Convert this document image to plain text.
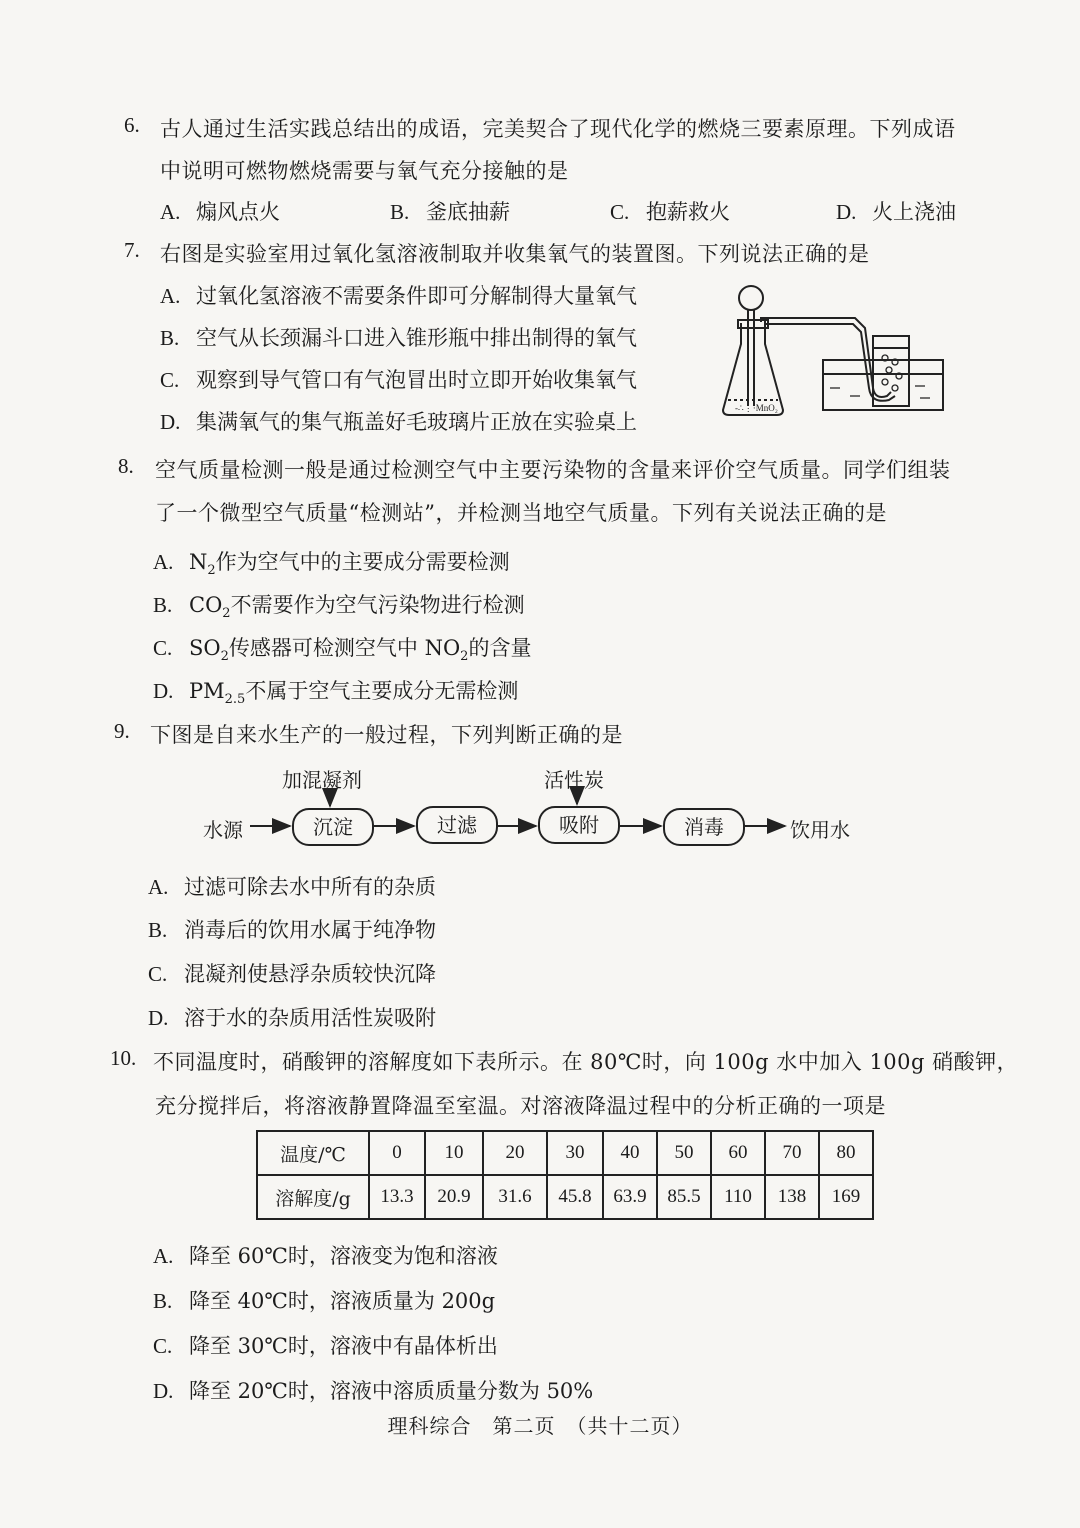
6. 古人通过生活实践总结出的成语，完美契合了现代化学的燃烧三要素原理。下列成语
中说明可燃物燃烧需要与氧气充分接触的是
A. 煽风点火	B. 釜底抽薪	C. 抱薪救火	D. 火上浇油
7. 右图是实验室用过氧化氢溶液制取并收集氧气的装置图。下列说法正确的是
A. 过氧化氢溶液不需要条件即可分解制得大量氧气
B. 空气从长颈漏斗口进入锥形瓶中排出制得的氧气
C. 观察到导气管口有气泡冒出时立即开始收集氧气
D. 集满氧气的集气瓶盖好毛玻璃片正放在实验桌上
-∴⋮·MnO₂
8. 空气质量检测一般是通过检测空气中主要污染物的含量来评价空气质量。同学们组装
了一个微型空气质量“检测站”，并检测当地空气质量。下列有关说法正确的是
A. $N_2$作为空气中的主要成分需要检测
B. $CO_2$不需要作为空气污染物进行检测
C. $SO_2$传感器可检测空气中 $NO_2$的含量
D. $PM_{2.5}$不属于空气主要成分无需检测
9. 下图是自来水生产的一般过程，下列判断正确的是
加混凝剂	活性炭
水源	沉淀	过滤	吸附	消毒	饮用水
A. 过滤可除去水中所有的杂质
B. 消毒后的饮用水属于纯净物
C. 混凝剂使悬浮杂质较快沉降
D. 溶于水的杂质用活性炭吸附
10. 不同温度时，硝酸钾的溶解度如下表所示。在 80℃时，向 100g 水中加入 100g 硝酸钾，
充分搅拌后，将溶液静置降温至室温。对溶液降温过程中的分析正确的一项是
温度/℃	0	10	20	30	40	50	60	70	80
溶解度/g	13.3	20.9	31.6	45.8	63.9	85.5	110	138	169
A. 降至 60℃时，溶液变为饱和溶液
B. 降至 40℃时，溶液质量为 200g
C. 降至 30℃时，溶液中有晶体析出
D. 降至 20℃时，溶液中溶质质量分数为 50%
理科综合　第二页　（共十二页）
